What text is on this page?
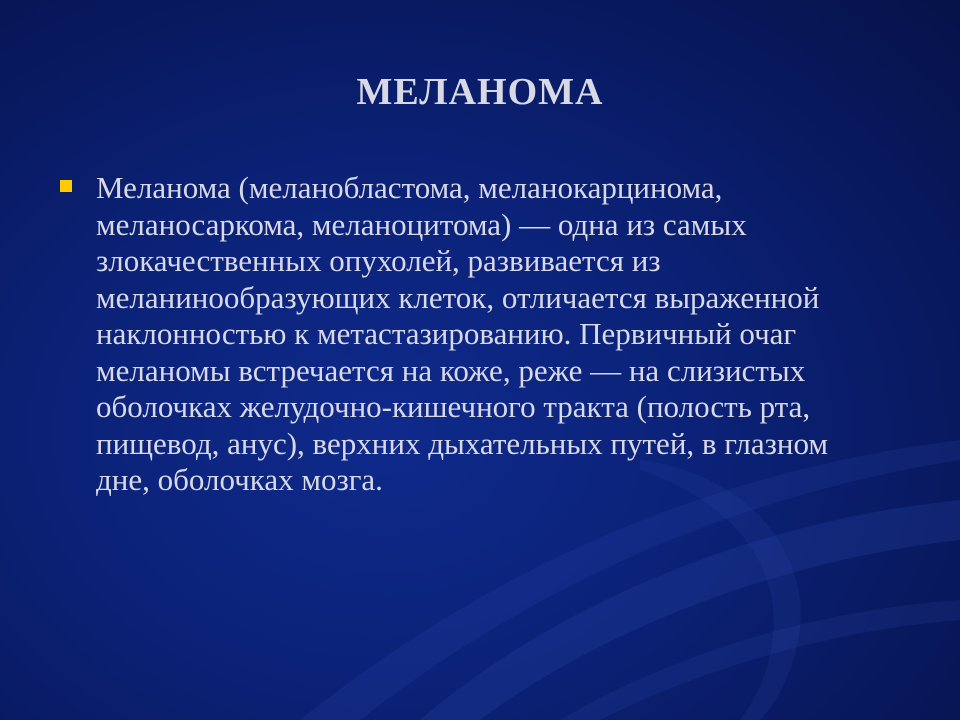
МЕЛАНОМА

Меланома (меланобластома, меланокарцинома, меланосаркома, меланоцитома) — одна из самых злокачественных опухолей, развивается из меланинообразующих клеток, отличается выраженной наклонностью к метастазированию. Первичный очаг меланомы встречается на коже, реже — на слизистых оболочках желудочно-кишечного тракта (полость рта, пищевод, анус), верхних дыхательных путей, в глазном дне, оболочках мозга.
